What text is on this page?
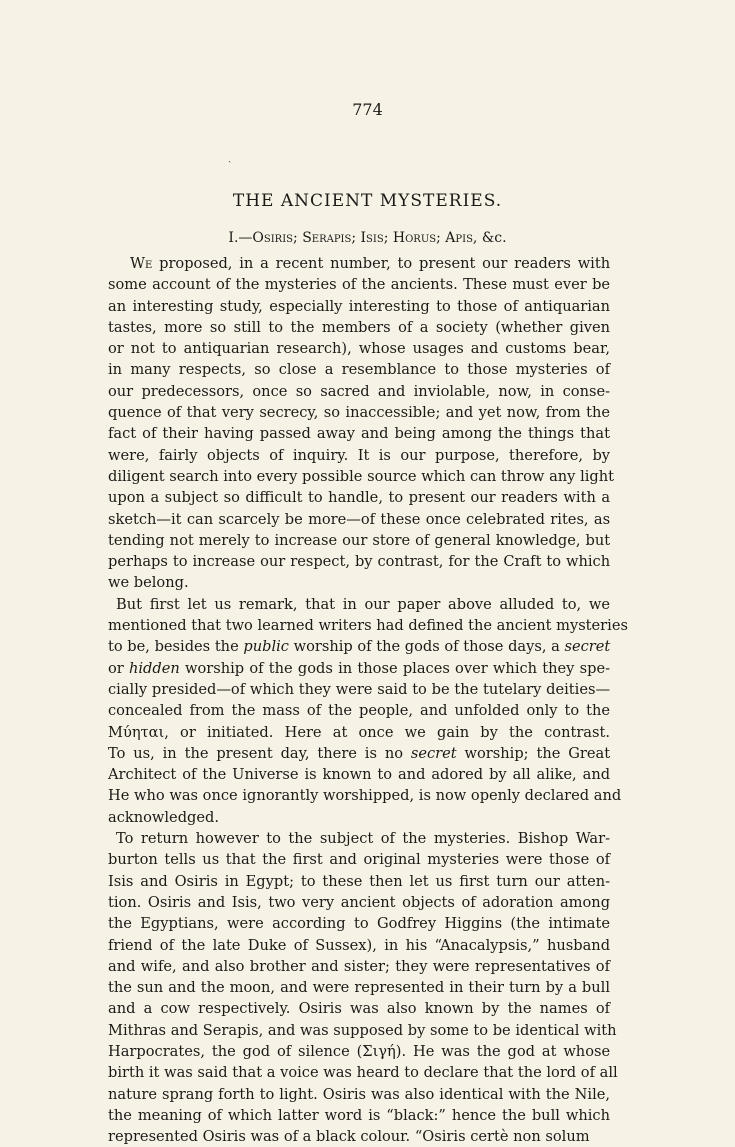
774
ˎ
THE ANCIENT MYSTERIES.
I.—Osiris; Serapis; Isis; Horus; Apis, &c.
We proposed, in a recent number, to present our readers with
some account of the mysteries of the ancients. These must ever be
an interesting study, especially interesting to those of antiquarian
tastes, more so still to the members of a society (whether given
or not to antiquarian research), whose usages and customs bear,
in many respects, so close a resemblance to those mysteries of
our predecessors, once so sacred and inviolable, now, in conse-
quence of that very secrecy, so inaccessible; and yet now, from the
fact of their having passed away and being among the things that
were, fairly objects of inquiry. It is our purpose, therefore, by
diligent search into every possible source which can throw any light
upon a subject so difficult to handle, to present our readers with a
sketch—it can scarcely be more—of these once celebrated rites, as
tending not merely to increase our store of general knowledge, but
perhaps to increase our respect, by contrast, for the Craft to which
we belong.
But first let us remark, that in our paper above alluded to, we
mentioned that two learned writers had defined the ancient mysteries
to be, besides the public worship of the gods of those days, a secret
or hidden worship of the gods in those places over which they spe-
cially presided—of which they were said to be the tutelary deities—
concealed from the mass of the people, and unfolded only to the
Μύηται, or initiated. Here at once we gain by the contrast.
To us, in the present day, there is no secret worship; the Great
Architect of the Universe is known to and adored by all alike, and
He who was once ignorantly worshipped, is now openly declared and
acknowledged.
To return however to the subject of the mysteries. Bishop War-
burton tells us that the first and original mysteries were those of
Isis and Osiris in Egypt; to these then let us first turn our atten-
tion. Osiris and Isis, two very ancient objects of adoration among
the Egyptians, were according to Godfrey Higgins (the intimate
friend of the late Duke of Sussex), in his “Anacalypsis,” husband
and wife, and also brother and sister; they were representatives of
the sun and the moon, and were represented in their turn by a bull
and a cow respectively. Osiris was also known by the names of
Mithras and Serapis, and was supposed by some to be identical with
Harpocrates, the god of silence (Σιγή). He was the god at whose
birth it was said that a voice was heard to declare that the lord of all
nature sprang forth to light. Osiris was also identical with the Nile,
the meaning of which latter word is “black:” hence the bull which
represented Osiris was of a black colour. “Osiris certè non solum
